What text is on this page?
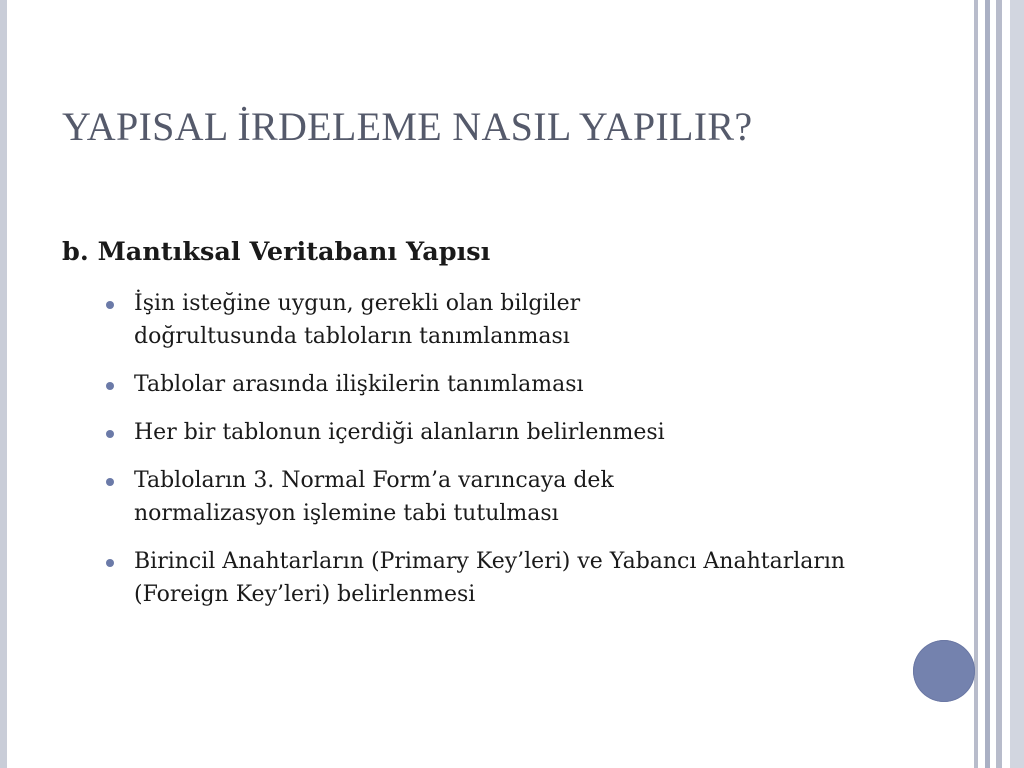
YAPISAL İRDELEME NASIL YAPILIR?
b. Mantıksal Veritabanı Yapısı
İşin isteğine uygun, gerekli olan bilgiler doğrultusunda tabloların tanımlanması
Tablolar arasında ilişkilerin tanımlaması
Her bir tablonun içerdiği alanların belirlenmesi
Tabloların 3. Normal Form’a varıncaya dek normalizasyon işlemine tabi tutulması
Birincil Anahtarların (Primary Key’leri) ve Yabancı Anahtarların (Foreign Key’leri) belirlenmesi
